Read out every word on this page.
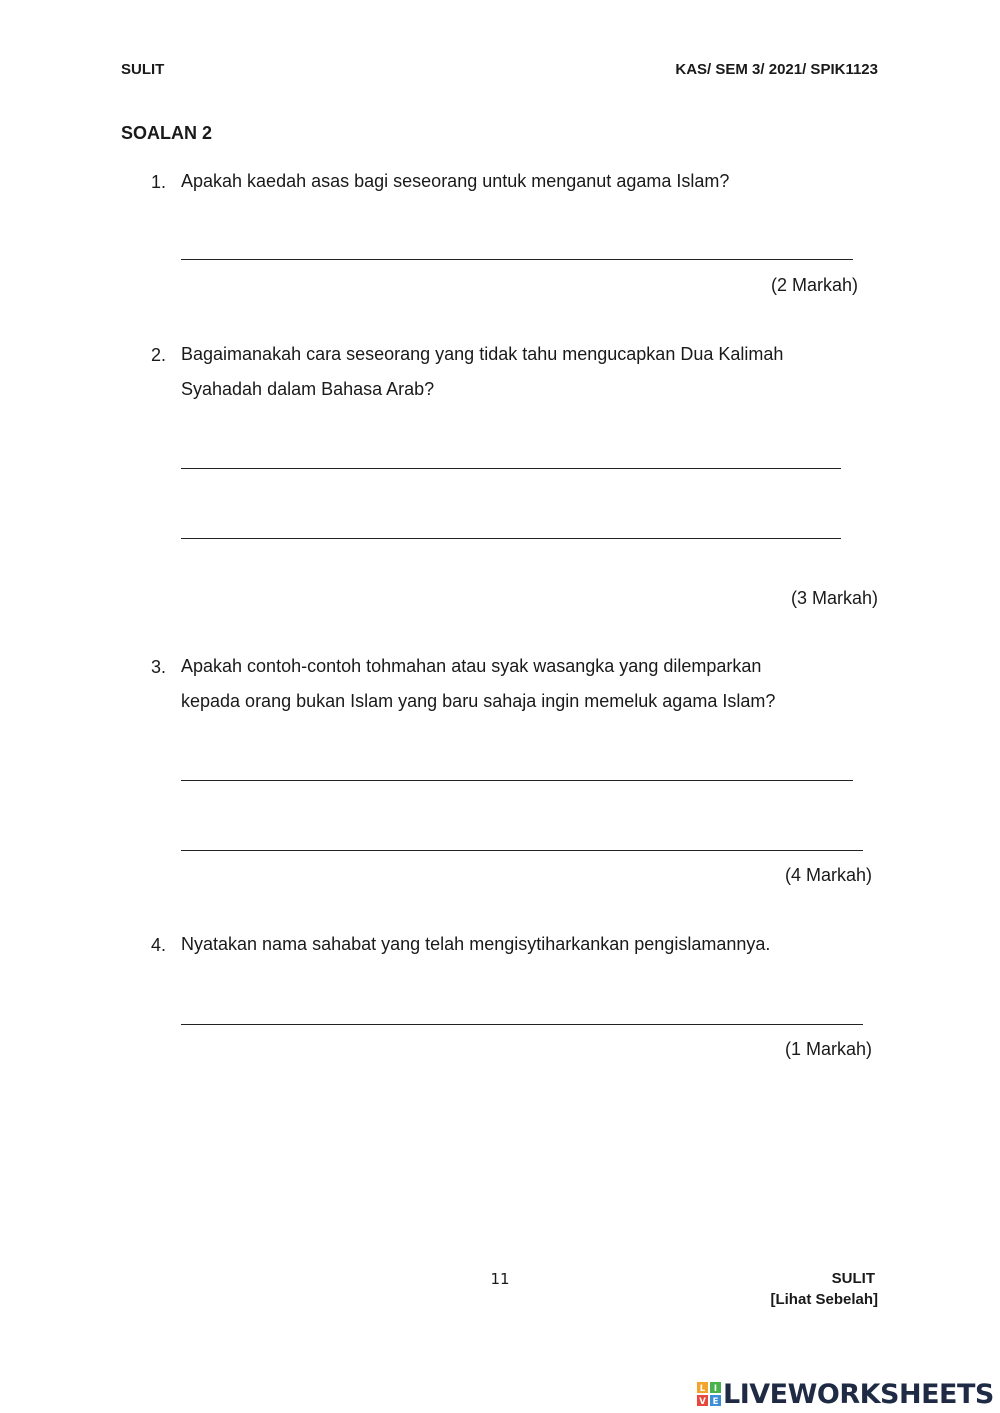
SULIT	KAS/ SEM 3/ 2021/ SPIK1123
SOALAN 2
1. Apakah kaedah asas bagi seseorang untuk menganut agama Islam?
(2 Markah)
2. Bagaimanakah cara seseorang yang tidak tahu mengucapkan Dua Kalimah
Syahadah dalam Bahasa Arab?
(3 Markah)
3. Apakah contoh-contoh tohmahan atau syak wasangka yang dilemparkan
kepada orang bukan Islam yang baru sahaja ingin memeluk agama Islam?
(4 Markah)
4. Nyatakan nama sahabat yang telah mengisytiharkankan pengislamannya.
(1 Markah)
11	SULIT
[Lihat Sebelah]
L I
V E LIVEWORKSHEETS
